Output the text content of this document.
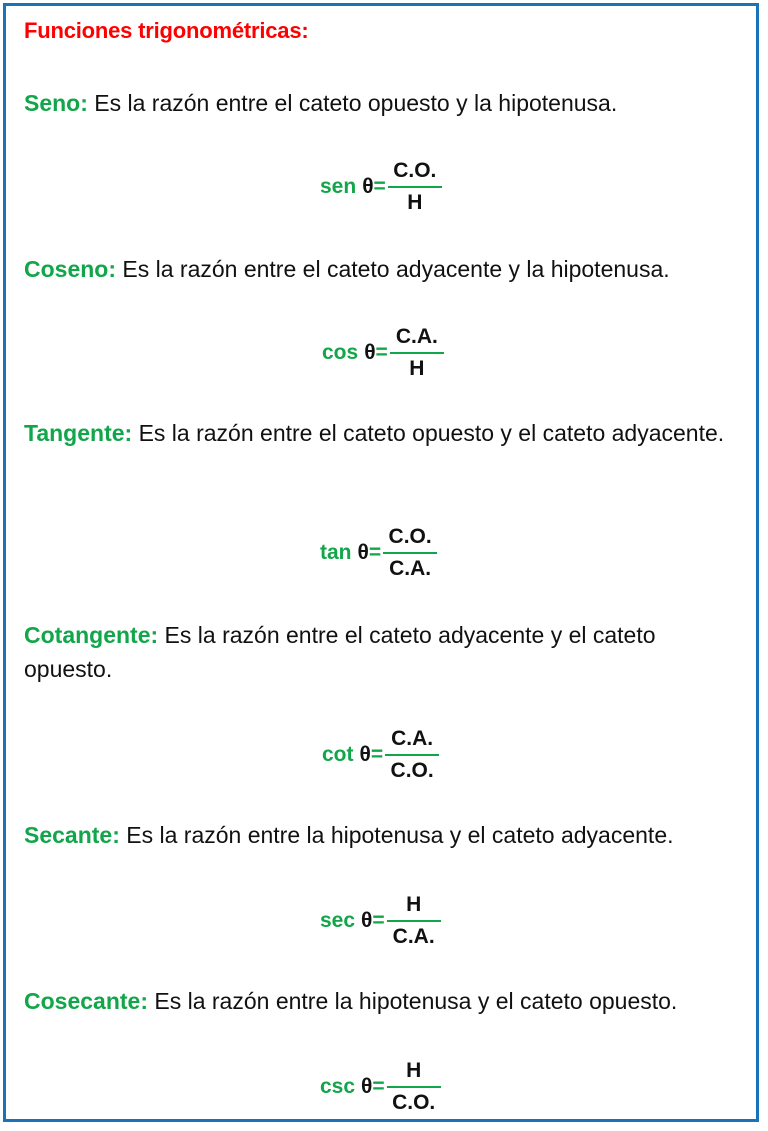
Funciones trigonométricas:
Seno: Es la razón entre el cateto opuesto y la hipotenusa.
sen $\theta = \frac{C.O.}{H}$
Coseno: Es la razón entre el cateto adyacente y la hipotenusa.
$\cos \theta = \frac{C.A.}{H}$
Tangente: Es la razón entre el cateto opuesto y el cateto adyacente.
$\tan \theta = \frac{C.O.}{C.A.}$
Cotangente: Es la razón entre el cateto adyacente y el cateto opuesto.
$\cot \theta = \frac{C.A.}{C.O.}$
Secante: Es la razón entre la hipotenusa y el cateto adyacente.
$\sec \theta = \frac{H}{C.A.}$
Cosecante: Es la razón entre la hipotenusa y el cateto opuesto.
$\csc \theta = \frac{H}{C.O.}$
